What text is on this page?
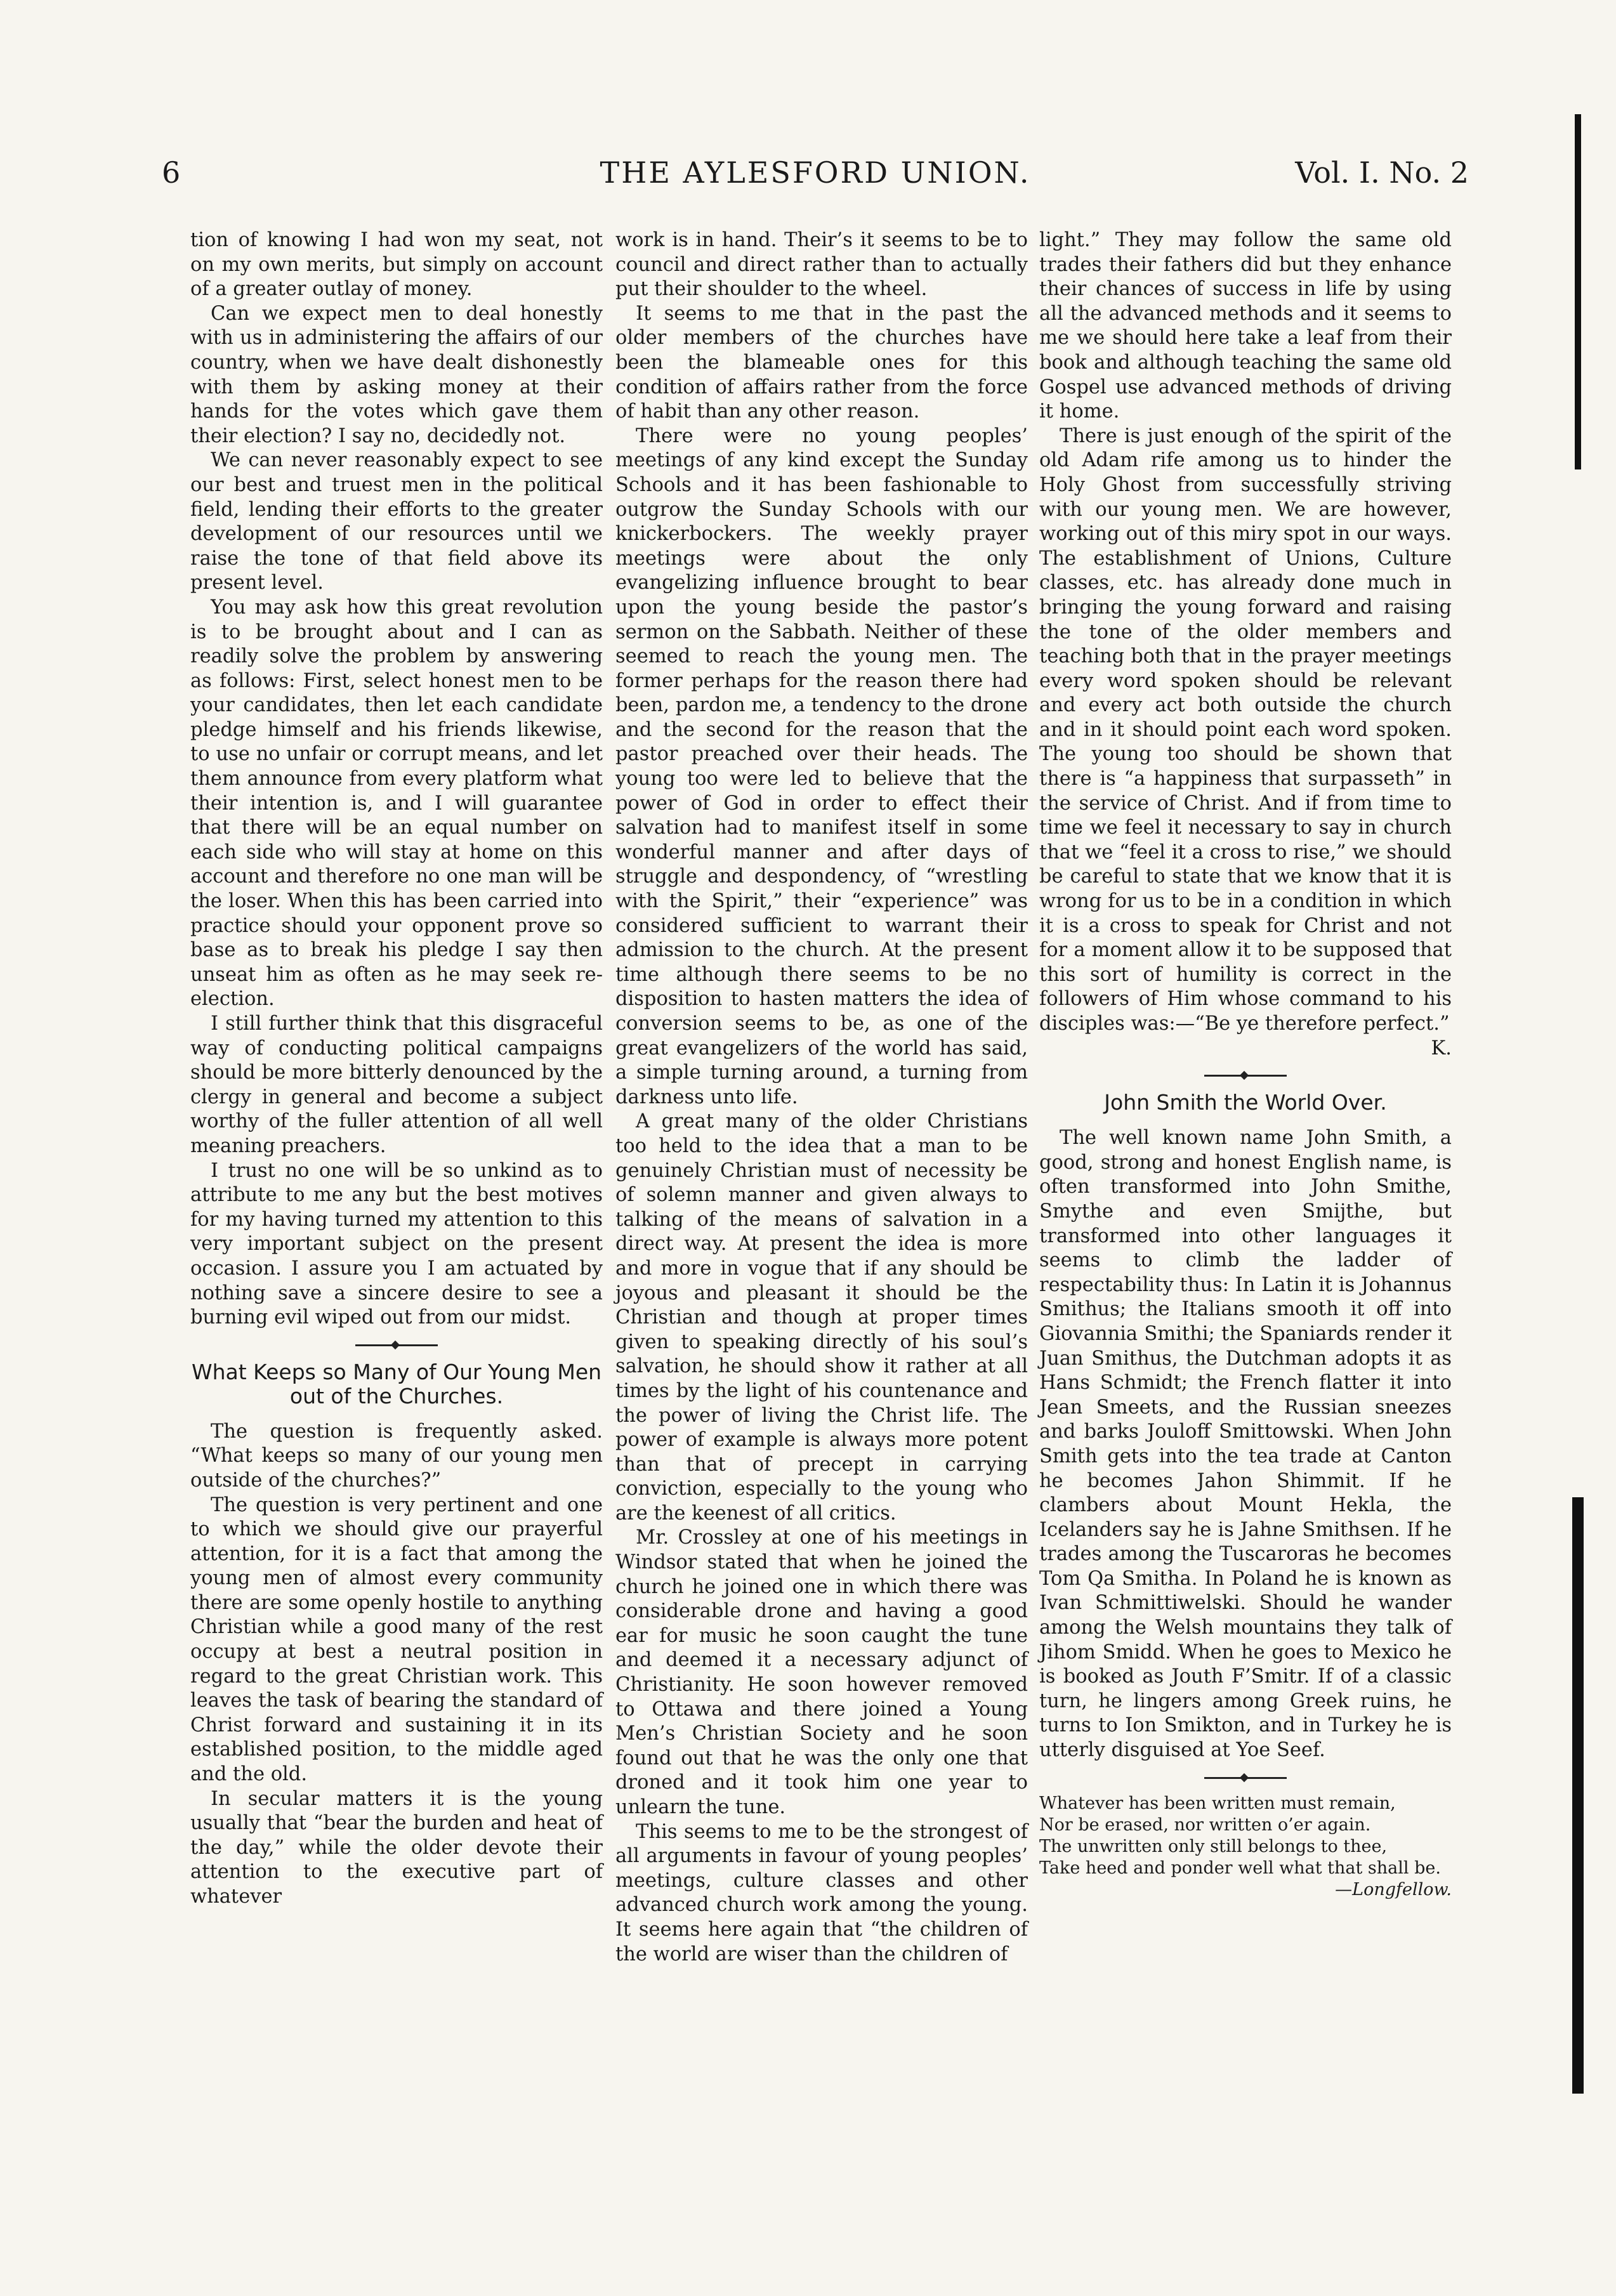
6	THE AYLESFORD UNION.	Vol. I. No. 2

tion of knowing I had won my seat, not on my own merits, but simply on account of a greater outlay of money.

Can we expect men to deal honestly with us in administering the affairs of our country, when we have dealt dishonestly with them by asking money at their hands for the votes which gave them their election? I say no, decidedly not.

We can never reasonably expect to see our best and truest men in the political field, lending their efforts to the greater development of our resources until we raise the tone of that field above its present level.

You may ask how this great revolution is to be brought about and I can as readily solve the problem by answering as follows: First, select honest men to be your candidates, then let each candidate pledge himself and his friends likewise, to use no unfair or corrupt means, and let them announce from every platform what their intention is, and I will guarantee that there will be an equal number on each side who will stay at home on this account and therefore no one man will be the loser. When this has been carried into practice should your opponent prove so base as to break his pledge I say then unseat him as often as he may seek re-election.

I still further think that this disgraceful way of conducting political campaigns should be more bitterly denounced by the clergy in general and become a subject worthy of the fuller attention of all well meaning preachers.

I trust no one will be so unkind as to attribute to me any but the best motives for my having turned my attention to this very important subject on the present occasion. I assure you I am actuated by nothing save a sincere desire to see a burning evil wiped out from our midst.

What Keeps so Many of Our Young Men out of the Churches.

The question is frequently asked. “What keeps so many of our young men outside of the churches?”

The question is very pertinent and one to which we should give our prayerful attention, for it is a fact that among the young men of almost every community there are some openly hostile to anything Christian while a good many of the rest occupy at best a neutral position in regard to the great Christian work. This leaves the task of bearing the standard of Christ forward and sustaining it in its established position, to the middle aged and the old.

In secular matters it is the young usually that “bear the burden and heat of the day,” while the older devote their attention to the executive part of whatever

work is in hand. Their’s it seems to be to council and direct rather than to actually put their shoulder to the wheel.

It seems to me that in the past the older members of the churches have been the blameable ones for this condition of affairs rather from the force of habit than any other reason.

There were no young peoples’ meetings of any kind except the Sunday Schools and it has been fashionable to outgrow the Sunday Schools with our knickerbockers. The weekly prayer meetings were about the only evangelizing influence brought to bear upon the young beside the pastor’s sermon on the Sabbath. Neither of these seemed to reach the young men. The former perhaps for the reason there had been, pardon me, a tendency to the drone and the second for the reason that the pastor preached over their heads. The young too were led to believe that the power of God in order to effect their salvation had to manifest itself in some wonderful manner and after days of struggle and despondency, of “wrestling with the Spirit,” their “experience” was considered sufficient to warrant their admission to the church. At the present time although there seems to be no disposition to hasten matters the idea of conversion seems to be, as one of the great evangelizers of the world has said, a simple turning around, a turning from darkness unto life.

A great many of the older Christians too held to the idea that a man to be genuinely Christian must of necessity be of solemn manner and given always to talking of the means of salvation in a direct way. At present the idea is more and more in vogue that if any should be joyous and pleasant it should be the Christian and though at proper times given to speaking directly of his soul’s salvation, he should show it rather at all times by the light of his countenance and the power of living the Christ life. The power of example is always more potent than that of precept in carrying conviction, especially to the young who are the keenest of all critics.

Mr. Crossley at one of his meetings in Windsor stated that when he joined the church he joined one in which there was considerable drone and having a good ear for music he soon caught the tune and deemed it a necessary adjunct of Christianity. He soon however removed to Ottawa and there joined a Young Men’s Christian Society and he soon found out that he was the only one that droned and it took him one year to unlearn the tune.

This seems to me to be the strongest of all arguments in favour of young peoples’ meetings, culture classes and other advanced church work among the young. It seems here again that “the children of the world are wiser than the children of

light.” They may follow the same old trades their fathers did but they enhance their chances of success in life by using all the advanced methods and it seems to me we should here take a leaf from their book and although teaching the same old Gospel use advanced methods of driving it home.

There is just enough of the spirit of the old Adam rife among us to hinder the Holy Ghost from successfully striving with our young men. We are however, working out of this miry spot in our ways. The establishment of Unions, Culture classes, etc. has already done much in bringing the young forward and raising the tone of the older members and teaching both that in the prayer meetings every word spoken should be relevant and every act both outside the church and in it should point each word spoken. The young too should be shown that there is “a happiness that surpasseth” in the service of Christ. And if from time to time we feel it necessary to say in church that we “feel it a cross to rise,” we should be careful to state that we know that it is wrong for us to be in a condition in which it is a cross to speak for Christ and not for a moment allow it to be supposed that this sort of humility is correct in the followers of Him whose command to his disciples was:—“Be ye therefore perfect.”

K.

John Smith the World Over.

The well known name John Smith, a good, strong and honest English name, is often transformed into John Smithe, Smythe and even Smijthe, but transformed into other languages it seems to climb the ladder of respectability thus: In Latin it is Johannus Smithus; the Italians smooth it off into Giovannia Smithi; the Spaniards render it Juan Smithus, the Dutchman adopts it as Hans Schmidt; the French flatter it into Jean Smeets, and the Russian sneezes and barks Jouloff Smittowski. When John Smith gets into the tea trade at Canton he becomes Jahon Shimmit. If he clambers about Mount Hekla, the Icelanders say he is Jahne Smithsen. If he trades among the Tuscaroras he becomes Tom Qa Smitha. In Poland he is known as Ivan Schmittiwelski. Should he wander among the Welsh mountains they talk of Jihom Smidd. When he goes to Mexico he is booked as Jouth F’Smitr. If of a classic turn, he lingers among Greek ruins, he turns to Ion Smikton, and in Turkey he is utterly disguised at Yoe Seef.

Whatever has been written must remain,

Nor be erased, nor written o’er again.

The unwritten only still belongs to thee,

Take heed and ponder well what that shall be.

—Longfellow.
